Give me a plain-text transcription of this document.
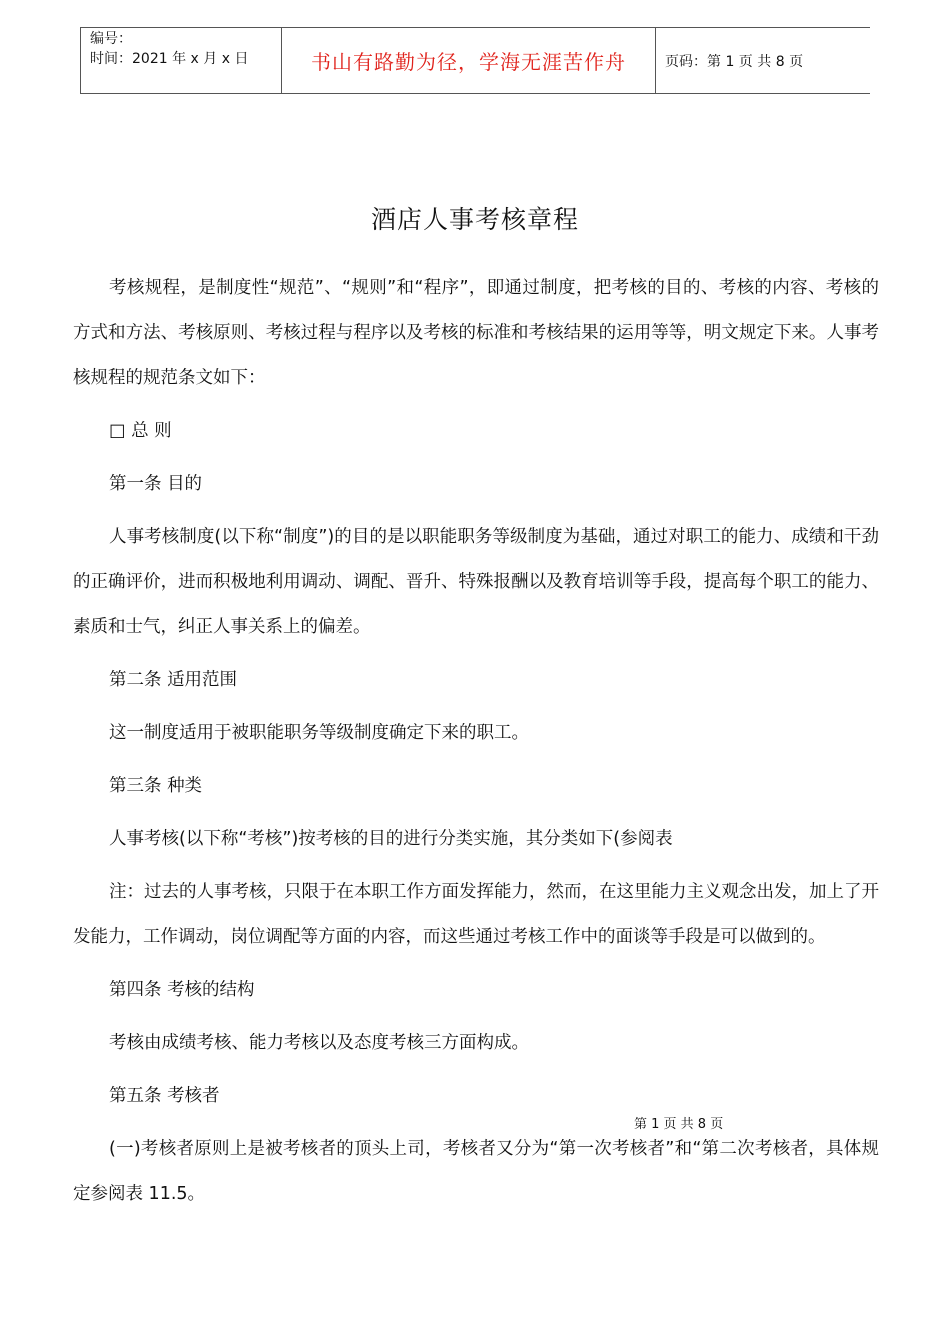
编号：
时间：2021 年 x 月 x 日	书山有路勤为径，学海无涯苦作舟	页码：第 1 页 共 8 页
酒店人事考核章程

考核规程，是制度性“规范”、“规则”和“程序”，即通过制度，把考核的目的、考核的内容、考核的方式和方法、考核原则、考核过程与程序以及考核的标准和考核结果的运用等等，明文规定下来。人事考核规程的规范条文如下：

□ 总 则

第一条 目的

人事考核制度(以下称“制度”)的目的是以职能职务等级制度为基础，通过对职工的能力、成绩和干劲的正确评价，进而积极地利用调动、调配、晋升、特殊报酬以及教育培训等手段，提高每个职工的能力、素质和士气，纠正人事关系上的偏差。

第二条 适用范围

这一制度适用于被职能职务等级制度确定下来的职工。

第三条 种类

人事考核(以下称“考核”)按考核的目的进行分类实施，其分类如下(参阅表

注：过去的人事考核，只限于在本职工作方面发挥能力，然而，在这里能力主义观念出发，加上了开发能力，工作调动，岗位调配等方面的内容，而这些通过考核工作中的面谈等手段是可以做到的。

第四条 考核的结构

考核由成绩考核、能力考核以及态度考核三方面构成。

第五条 考核者

(一)考核者原则上是被考核者的顶头上司，考核者又分为“第一次考核者”和“第二次考核者，具体规定参阅表 11.5。

第 1 页 共 8 页
